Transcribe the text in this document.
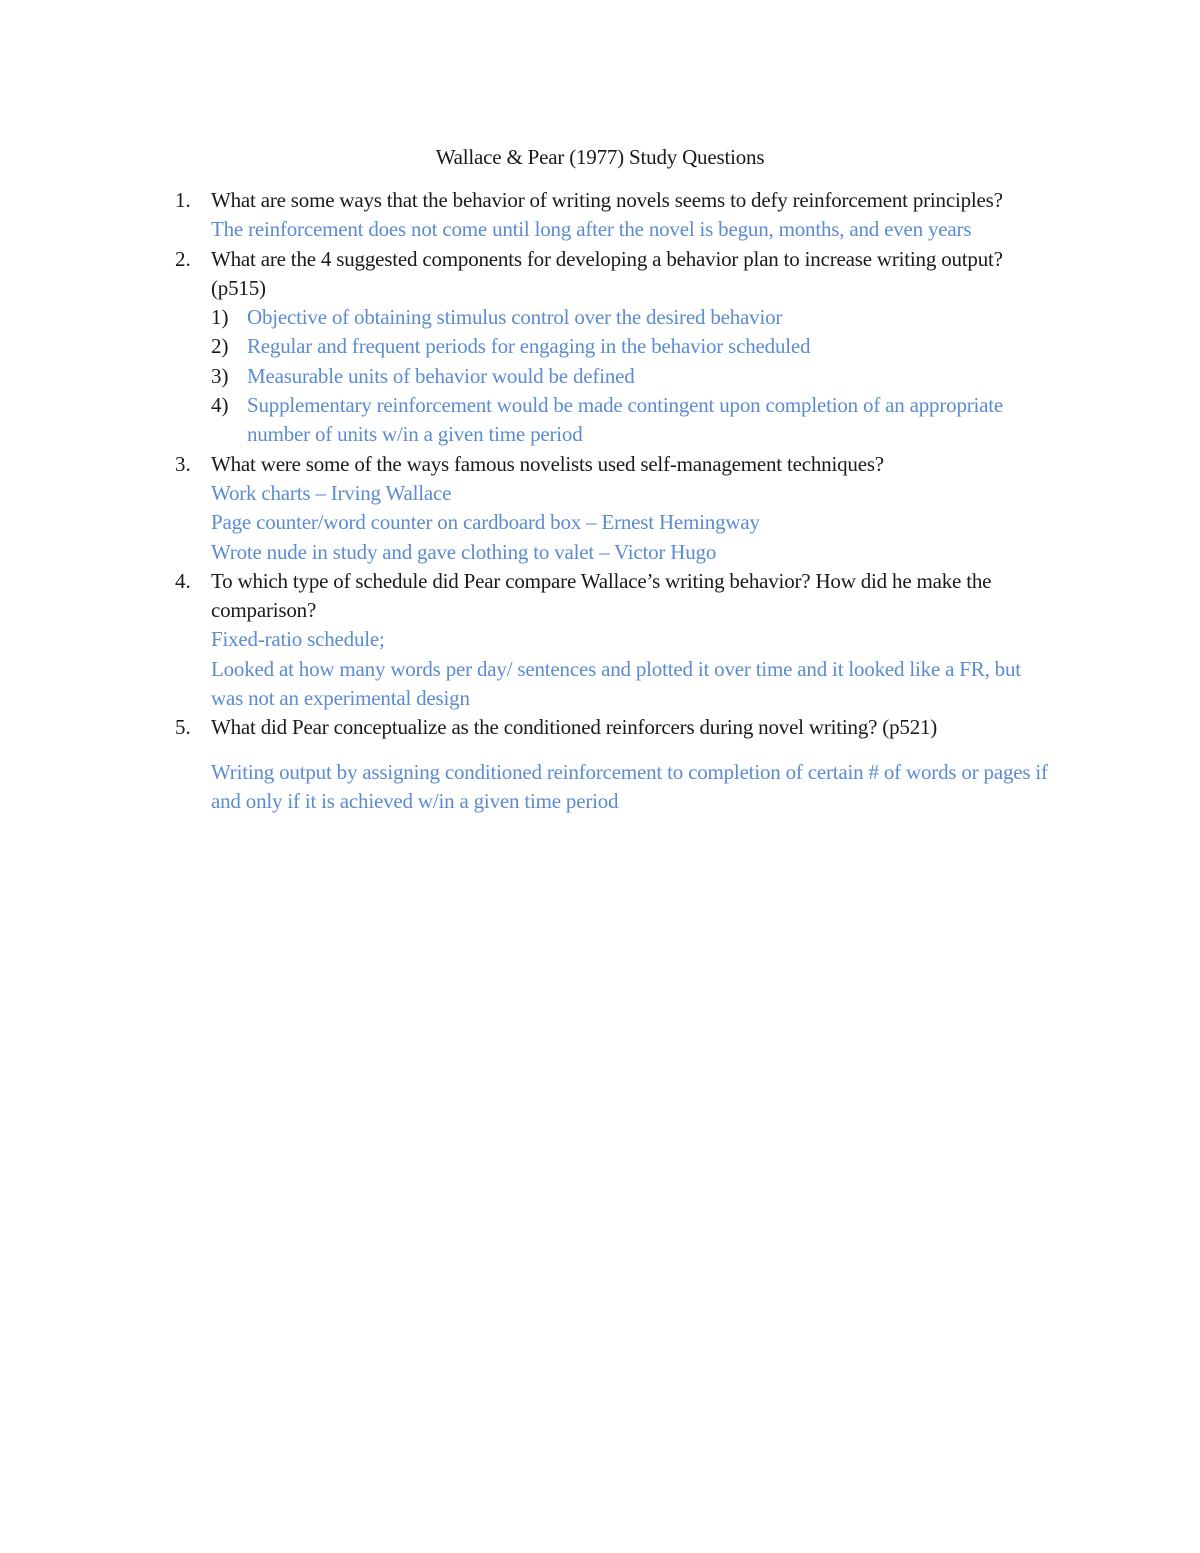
Wallace & Pear (1977) Study Questions
1. What are some ways that the behavior of writing novels seems to defy reinforcement principles?
The reinforcement does not come until long after the novel is begun, months, and even years
2. What are the 4 suggested components for developing a behavior plan to increase writing output? (p515)
1) Objective of obtaining stimulus control over the desired behavior
2) Regular and frequent periods for engaging in the behavior scheduled
3) Measurable units of behavior would be defined
4) Supplementary reinforcement would be made contingent upon completion of an appropriate number of units w/in a given time period
3. What were some of the ways famous novelists used self-management techniques?
Work charts – Irving Wallace
Page counter/word counter on cardboard box – Ernest Hemingway
Wrote nude in study and gave clothing to valet – Victor Hugo
4. To which type of schedule did Pear compare Wallace’s writing behavior? How did he make the comparison?
Fixed-ratio schedule;
Looked at how many words per day/ sentences and plotted it over time and it looked like a FR, but was not an experimental design
5. What did Pear conceptualize as the conditioned reinforcers during novel writing? (p521)
Writing output by assigning conditioned reinforcement to completion of certain # of words or pages if and only if it is achieved w/in a given time period
